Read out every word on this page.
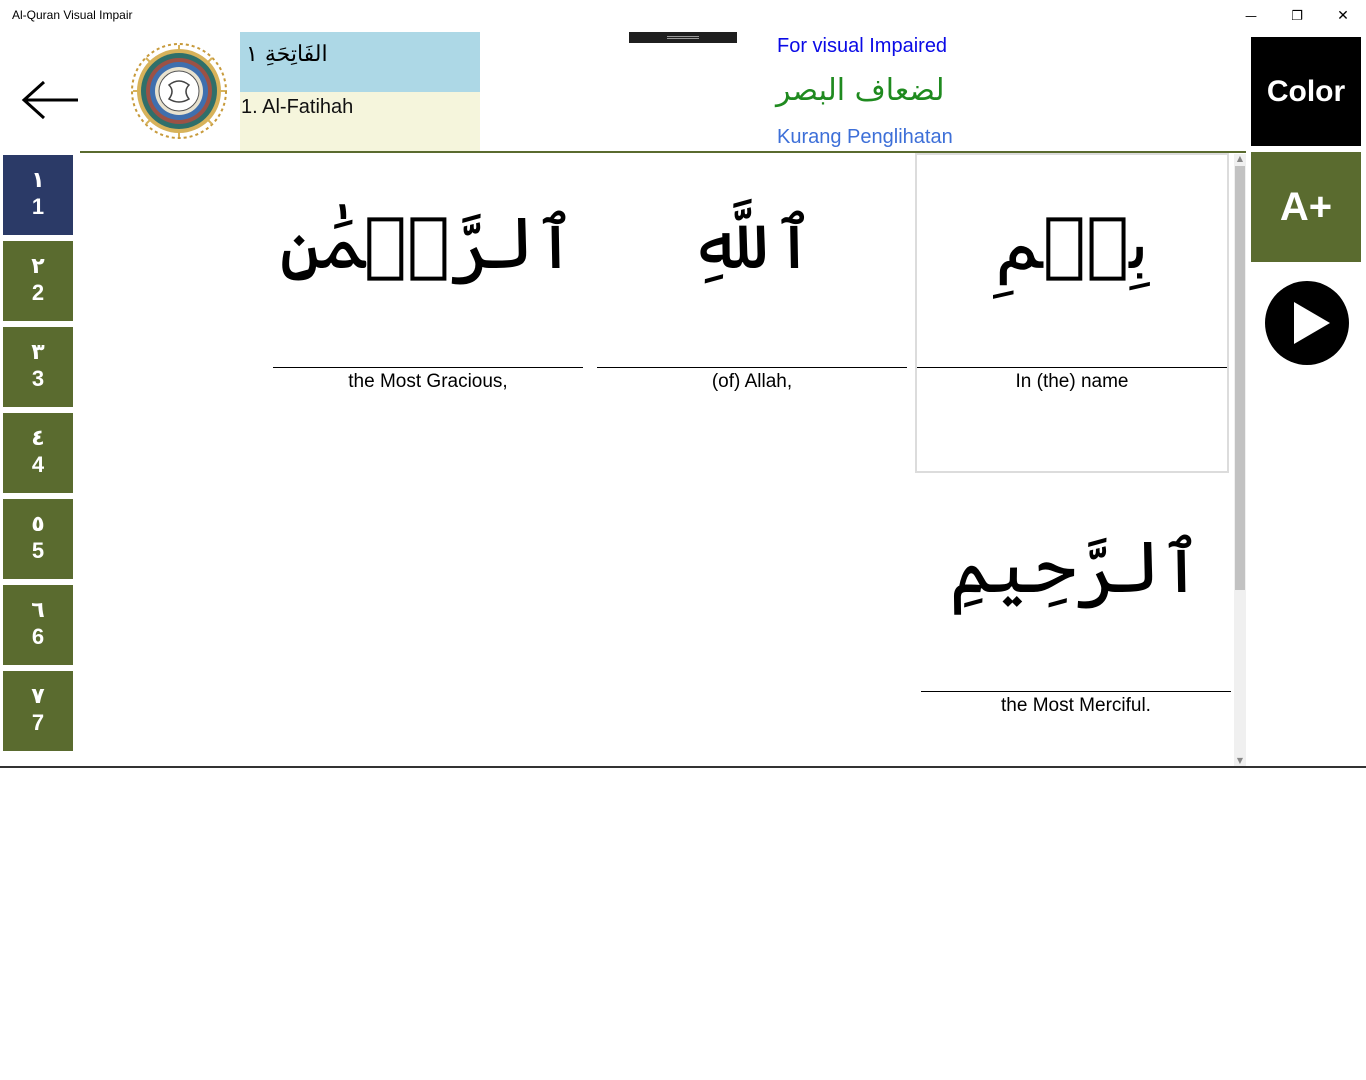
Al-Quran Visual Impair	—	❐ ✕
الفَاتِحَةِ ١
1. Al-Fatihah
For visual Impaired
لضعاف البصر
Kurang Penglihatan
Color
A+
١
1
٢
2
٣
3
٤
4
٥
5
٦
6
٧
7
بِسۡمِ
In (the) name
ٱللَّهِ
(of) Allah,
ٱلرَّحۡمَٰنِ
the Most Gracious,
ٱلرَّحِيمِ
the Most Merciful.
▲
▼
